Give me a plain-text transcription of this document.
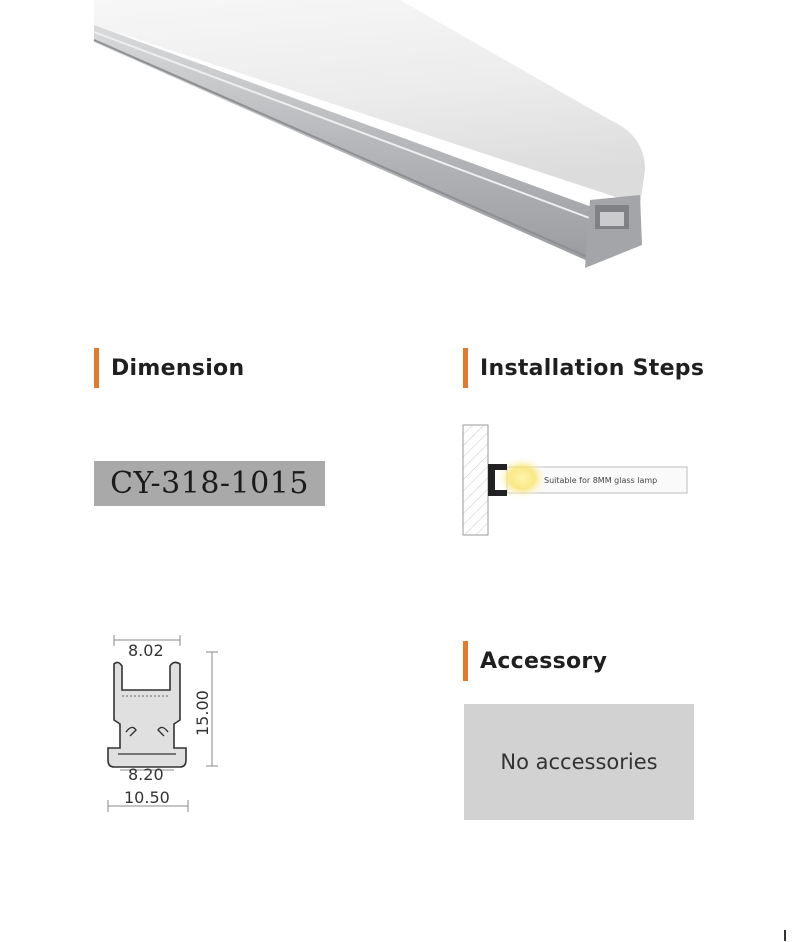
Dimension	Installation Steps
CY-318-1015	Suitable for 8MM glass lamp
8.02
15.00
8.20
10.50
Accessory
No accessories
